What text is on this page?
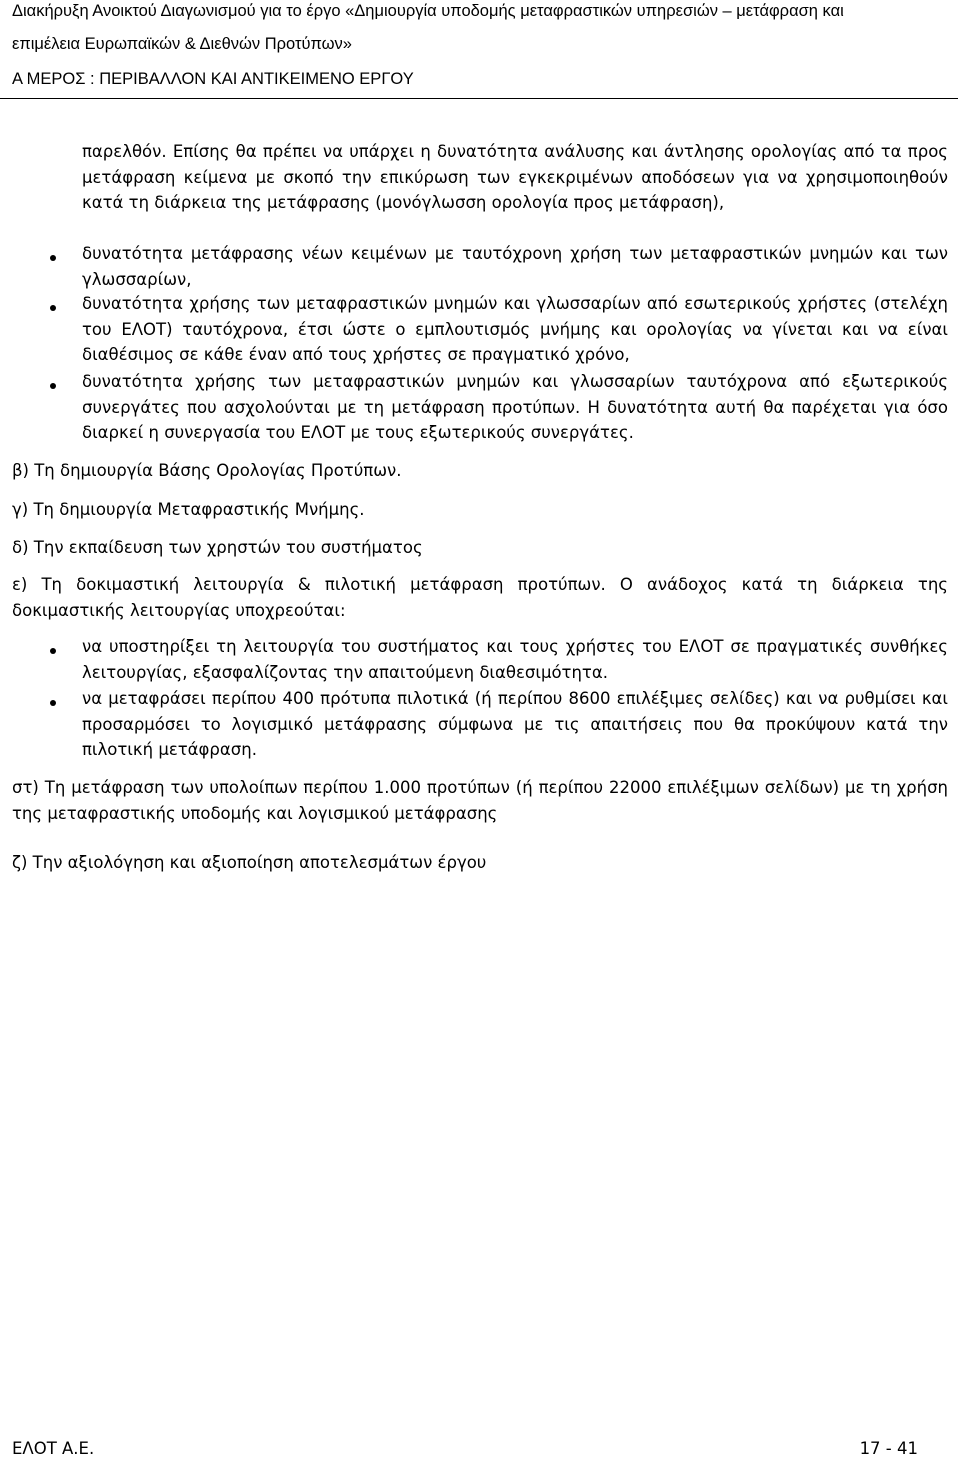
Διακήρυξη Ανοικτού Διαγωνισμού για το έργο «Δημιουργία υποδομής μεταφραστικών υπηρεσιών – μετάφραση και
επιμέλεια Ευρωπαϊκών & Διεθνών Προτύπων»
Α ΜΕΡΟΣ : ΠΕΡΙΒΑΛΛΟΝ ΚΑΙ ΑΝΤΙΚΕΙΜΕΝΟ ΕΡΓΟΥ

παρελθόν. Επίσης θα πρέπει να υπάρχει η δυνατότητα ανάλυσης και άντλησης ορολογίας από τα προς μετάφραση κείμενα με σκοπό την επικύρωση των εγκεκριμένων αποδόσεων για να χρησιμοποιηθούν κατά τη διάρκεια της μετάφρασης (μονόγλωσση ορολογία προς μετάφραση),

δυνατότητα μετάφρασης νέων κειμένων με ταυτόχρονη χρήση των μεταφραστικών μνημών και των γλωσσαρίων,

δυνατότητα χρήσης των μεταφραστικών μνημών και γλωσσαρίων από εσωτερικούς χρήστες (στελέχη του ΕΛΟΤ) ταυτόχρονα, έτσι ώστε ο εμπλουτισμός μνήμης και ορολογίας να γίνεται και να είναι διαθέσιμος σε κάθε έναν από τους χρήστες σε πραγματικό χρόνο,

δυνατότητα χρήσης των μεταφραστικών μνημών και γλωσσαρίων ταυτόχρονα από εξωτερικούς συνεργάτες που ασχολούνται με τη μετάφραση προτύπων. Η δυνατότητα αυτή θα παρέχεται για όσο διαρκεί η συνεργασία του ΕΛΟΤ με τους εξωτερικούς συνεργάτες.

β) Τη δημιουργία Βάσης Ορολογίας Προτύπων.

γ) Τη δημιουργία Μεταφραστικής Μνήμης.

δ) Την εκπαίδευση των χρηστών του συστήματος

ε) Τη δοκιμαστική λειτουργία & πιλοτική μετάφραση προτύπων. Ο ανάδοχος κατά τη διάρκεια της δοκιμαστικής λειτουργίας υποχρεούται:

να υποστηρίξει τη λειτουργία του συστήματος και τους χρήστες του ΕΛΟΤ σε πραγματικές συνθήκες λειτουργίας, εξασφαλίζοντας την απαιτούμενη διαθεσιμότητα.

να μεταφράσει περίπου 400 πρότυπα πιλοτικά (ή περίπου 8600 επιλέξιμες σελίδες) και να ρυθμίσει και προσαρμόσει το λογισμικό μετάφρασης σύμφωνα με τις απαιτήσεις που θα προκύψουν κατά την πιλοτική μετάφραση.

στ) Τη μετάφραση των υπολοίπων περίπου 1.000 προτύπων (ή περίπου 22000 επιλέξιμων σελίδων) με τη χρήση της μεταφραστικής υποδομής και λογισμικού μετάφρασης

ζ) Την αξιολόγηση και αξιοποίηση αποτελεσμάτων έργου

ΕΛΟΤ Α.Ε.	17 - 41
